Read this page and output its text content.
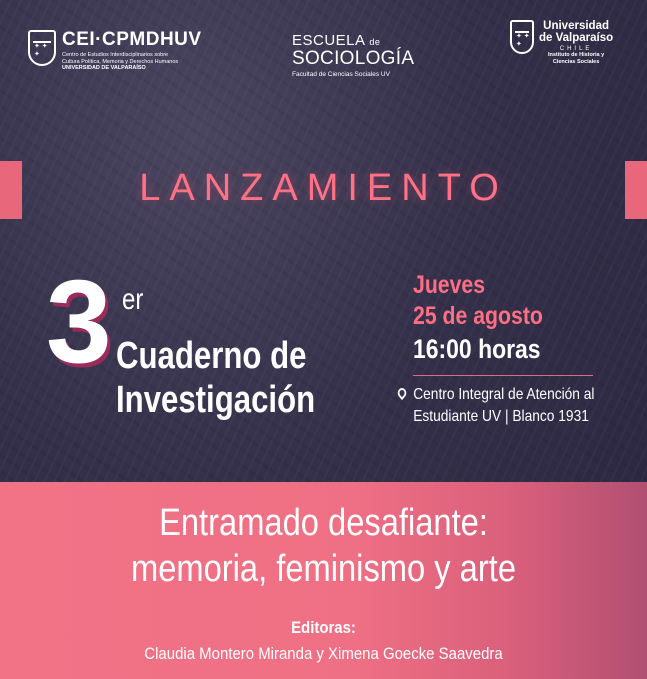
✦ ✦ ✦
CEI·CPMDHUV
Centro de Estudios Interdisciplinarios sobre
Cultura Política, Memoria y Derechos Humanos
UNIVERSIDAD DE VALPARAÍSO
ESCUELA de
SOCIOLOGÍA
Facultad de Ciencias Sociales UV
✦ ✦ ✦
Universidad
de Valparaíso
CHILE
Instituto de Historia y
Ciencias Sociales
LANZAMIENTO
3 er
Cuaderno de
Investigación
Jueves
25 de agosto
16:00 horas
Centro Integral de Atención al
Estudiante UV | Blanco 1931
Entramado desafiante:
memoria, feminismo y arte
Editoras:
Claudia Montero Miranda y Ximena Goecke Saavedra
